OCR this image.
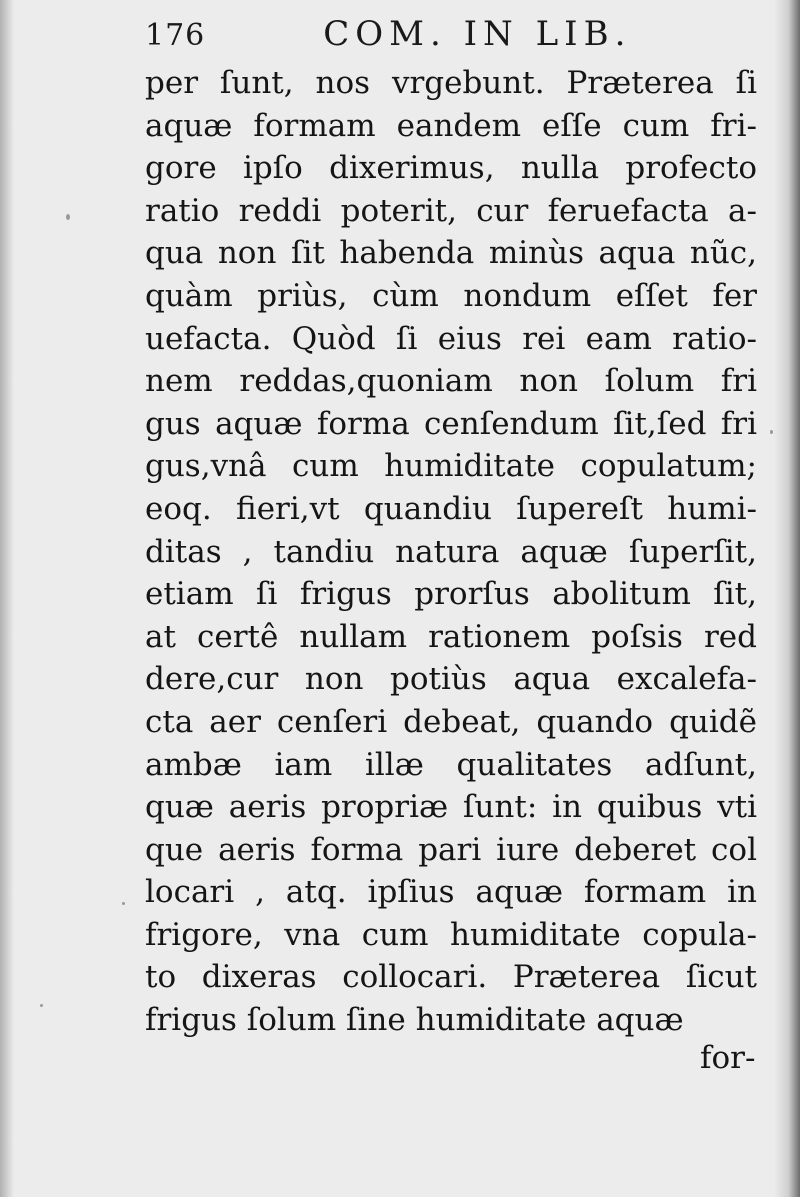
176	COM. IN LIB.
per ſunt, nos vrgebunt. Præterea ſi
aquæ formam eandem eſſe cum fri-
gore ipſo dixerimus, nulla profecto
ratio reddi poterit, cur feruefacta a-
qua non ſit habenda minùs aqua nũc,
quàm priùs, cùm nondum eſſet fer
uefacta. Quòd ſi eius rei eam ratio-
nem reddas,quoniam non ſolum fri
gus aquæ forma cenſendum ſit,ſed fri
gus,vnâ cum humiditate copulatum;
eoq. fieri,vt quandiu ſupereſt humi-
ditas , tandiu natura aquæ ſuperſit,
etiam ſi frigus prorſus abolitum ſit,
at certê nullam rationem poſsis red
dere,cur non potiùs aqua excalefa-
cta aer cenſeri debeat, quando quidẽ
ambæ iam illæ qualitates adſunt,
quæ aeris propriæ ſunt: in quibus vti
que aeris forma pari iure deberet col
locari , atq. ipſius aquæ formam in
frigore, vna cum humiditate copula-
to dixeras collocari. Præterea ſicut
frigus ſolum ſine humiditate aquæ
for-
